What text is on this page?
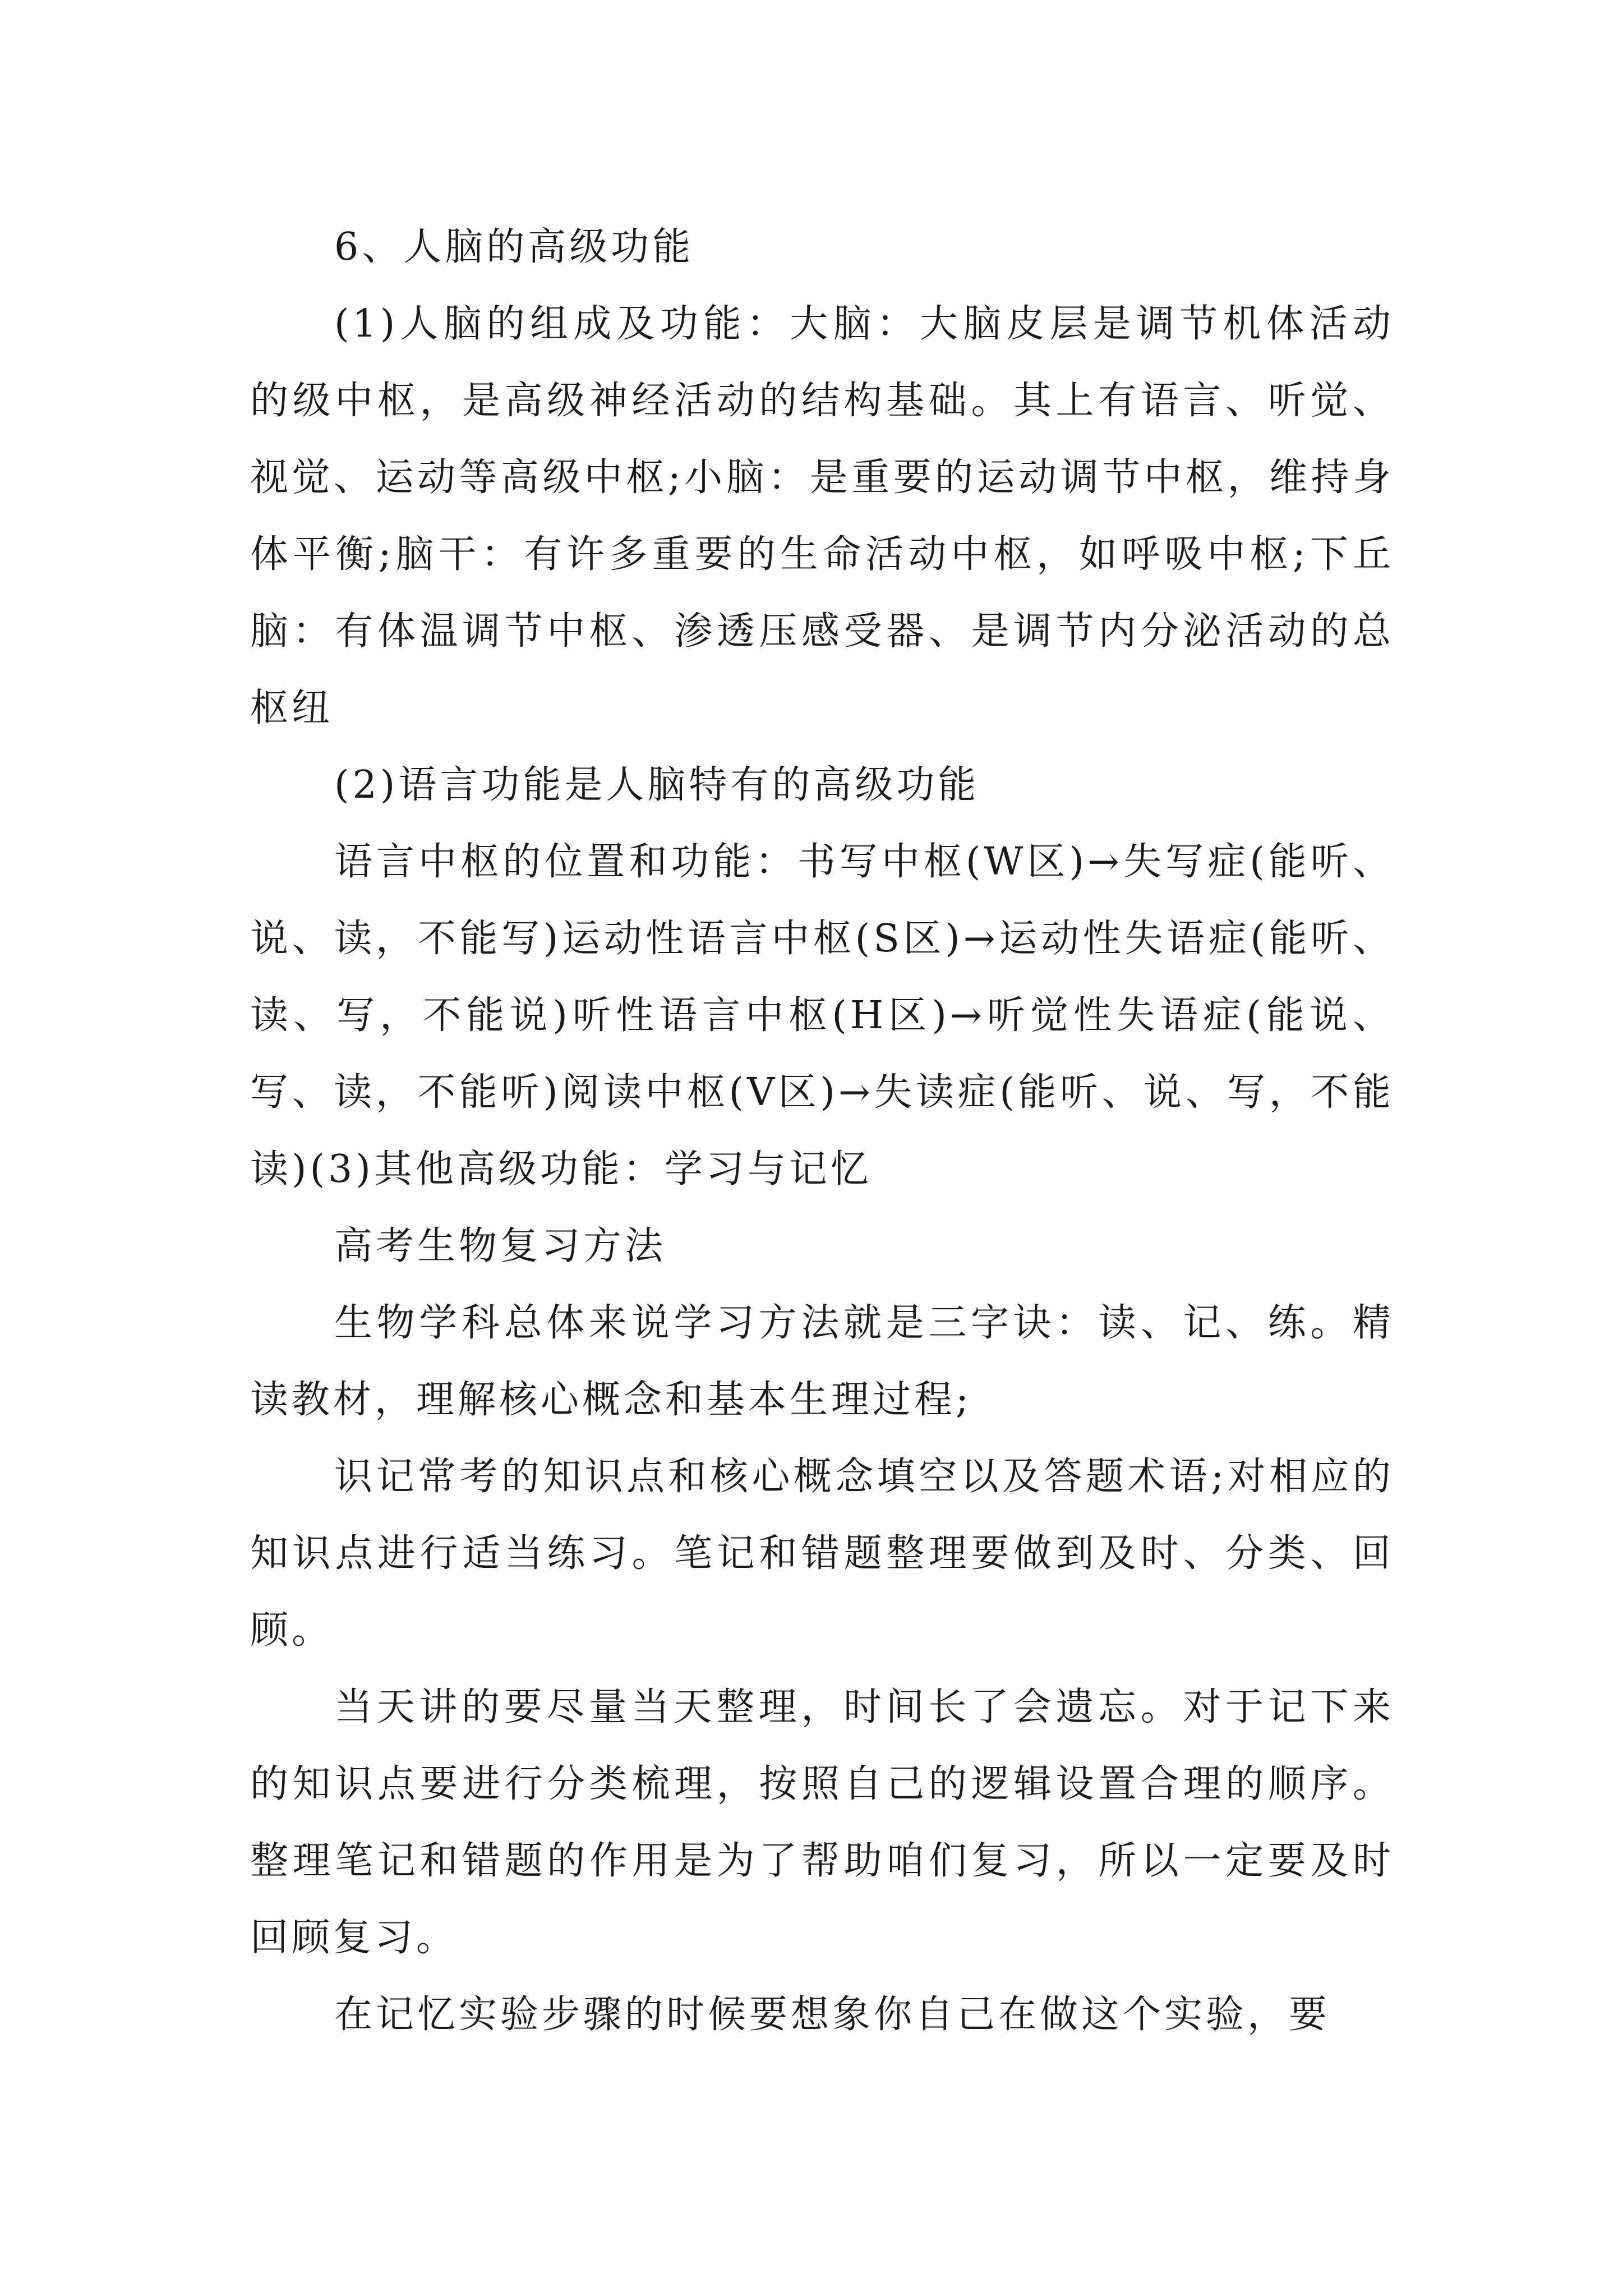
6、人脑的高级功能

(1)人脑的组成及功能：大脑：大脑皮层是调节机体活动的级中枢，是高级神经活动的结构基础。其上有语言、听觉、视觉、运动等高级中枢;小脑：是重要的运动调节中枢，维持身体平衡;脑干：有许多重要的生命活动中枢，如呼吸中枢;下丘脑：有体温调节中枢、渗透压感受器、是调节内分泌活动的总枢纽

(2)语言功能是人脑特有的高级功能

语言中枢的位置和功能：书写中枢(W区)→失写症(能听、说、读，不能写)运动性语言中枢(S区)→运动性失语症(能听、读、写，不能说)听性语言中枢(H区)→听觉性失语症(能说、写、读，不能听)阅读中枢(V区)→失读症(能听、说、写，不能读)(3)其他高级功能：学习与记忆

高考生物复习方法

生物学科总体来说学习方法就是三字诀：读、记、练。精读教材，理解核心概念和基本生理过程;

识记常考的知识点和核心概念填空以及答题术语;对相应的知识点进行适当练习。笔记和错题整理要做到及时、分类、回顾。

当天讲的要尽量当天整理，时间长了会遗忘。对于记下来的知识点要进行分类梳理，按照自己的逻辑设置合理的顺序。整理笔记和错题的作用是为了帮助咱们复习，所以一定要及时回顾复习。

在记忆实验步骤的时候要想象你自己在做这个实验，要
